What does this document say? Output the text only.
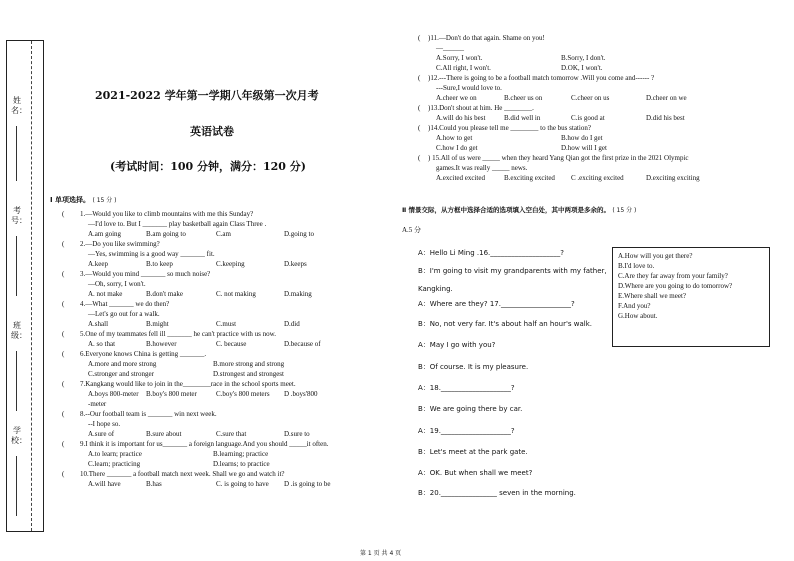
姓名：
考号：
班级：
学校：
2021-2022 学年第一学期八年级第一次月考
英语试卷
(考试时间：100 分钟，满分：120 分)
Ⅰ 单项选择。 ( 15 分 )
( 1.—Would you like to climb mountains with me this Sunday?
—I'd love to. But I _______ play basketball again Class Three .
A.am going	B.am going to	C.am	D.going to
( 2.—Do you like swimming?
—Yes, swimming is a good way _______ fit.
A.keep	B.to keep	C.keeping	D.keeps
( 3.—Would you mind _______ so much noise?
—Oh, sorry, I won't.
A. not make	B.don't make	C. not making	D.making
( 4.—What _______ we do then?
—Let's go out for a walk.
A.shall	B.might	C.must	D.did
( 5.One of my teammates fell ill _______ he can't practice with us now.
A. so that	B.however	C. because	D.because of
( 6.Everyone knows China is getting _______.
A.more and more strong	B.more strong and strong
C.stronger and stronger	D.strongest and strongest
( 7.Kangkang would like to join in the________race in the school sports meet.
A.boys 800-meter B.boy's 800 meter	C.boy's 800 meters D .boys'800
-meter
( 8.--Our football team is _______ win next week.
--I hope so.
A.sure of	B.sure about	C.sure that	D.sure to
( 9.I think it is important for us_______ a foreign language.And you should _____it often.
A.to learn; practice	B.learning; practice
C.learn; practicing	D.learns; to practice
( 10.There _______ a football match next week. Shall we go and watch it?
A.will have	B.has	C. is going to have D .is going to be
( )11.—Don't do that again. Shame on you!
—______
A.Sorry, I won't.	B.Sorry, I don't.
C.All right, I won't.	D.OK, I won't.
( )12.---There is going to be a football match tomorrow .Will you come and------ ?
---Sure,I would love to.
A.cheer we on	B.cheer us on	C.cheer on us	D.cheer on we
( )13.Don't shout at him. He ________.
A.will do his best	B.did well in	C.is good at	D.did his best
( )14.Could you please tell me ________ to the bus station?
A.how to get	B.how do I get
C.how I do get	D.how will I get
( ) 15.All of us were _____ when they heard Yang Qian got the first prize in the 2021 Olympic
games.It was really _____ news.
A.excited excited	B.exciting excited C .exciting excited	D.exciting exciting
Ⅱ 情景交际，从方框中选择合适的选项填入空白处，其中两项是多余的。 ( 15 分 )
A.5 分
A：Hello Li Ming .16.____________________?
B：I'm going to visit my grandparents with my father,
Kangking.
A：Where are they? 17.____________________?
B：No, not very far. It's about half an hour's walk.
A：May I go with you?
B：Of course. It is my pleasure.
A：18.____________________?
B：We are going there by car.
A：19.____________________?
B：Let's meet at the park gate.
A：OK. But when shall we meet?
B：20.________________ seven in the morning.
A.How will you get there?
B.I'd love to.
C.Are they far away from your family?
D.Where are you going to do tomorrow?
E.Where shall we meet?
F.And you?
G.How about.
第 1 页 共 4 页
